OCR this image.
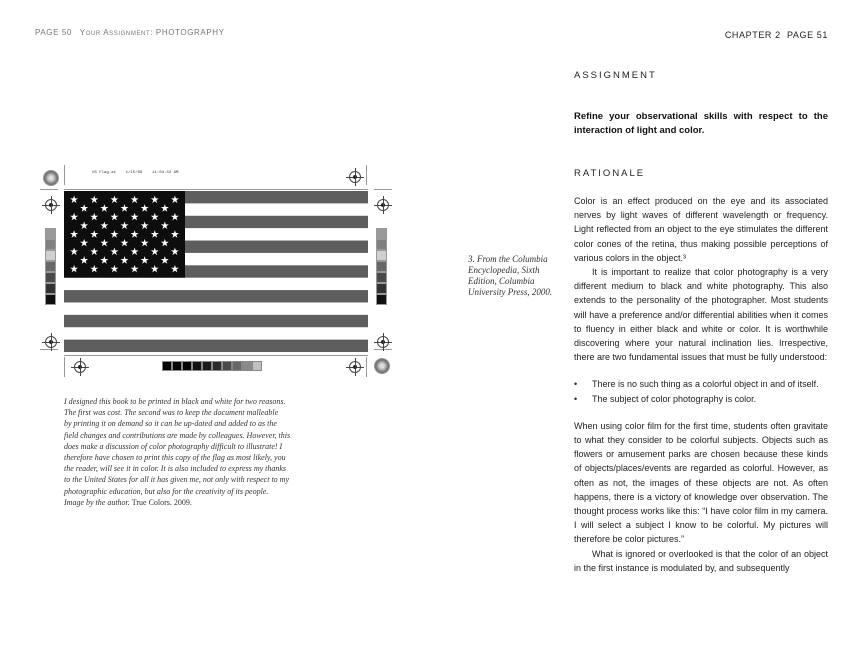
PAGE 50 Your Assignment: PHOTOGRAPHY	CHAPTER 2 PAGE 51
US Flag.ai    1/15/09    11:04:32 AM
3. From the Columbia Encyclopedia, Sixth Edition, Columbia University Press, 2000.
I designed this book to be printed in black and white for two reasons.
The first was cost. The second was to keep the document malleable
by printing it on demand so it can be up-dated and added to as the
field changes and contributions are made by colleagues. However, this
does make a discussion of color photography difficult to illustrate! I
therefore have chosen to print this copy of the flag as most likely, you
the reader, will see it in color. It is also included to express my thanks
to the United States for all it has given me, not only with respect to my
photographic education, but also for the creativity of its people.
Image by the author. True Colors. 2009.
ASSIGNMENT
Refine your observational skills with respect to the interaction of light and color.
RATIONALE

Color is an effect produced on the eye and its associated nerves by light waves of different wavelength or frequency. Light reflected from an object to the eye stimulates the different color cones of the retina, thus making possible perceptions of various colors in the object.³

It is important to realize that color photography is a very different medium to black and white photography. This also extends to the personality of the photographer. Most students will have a preference and/or differential abilities when it comes to fluency in either black and white or color. It is worthwhile discovering where your natural inclination lies. Irrespective, there are two fundamental issues that must be fully understood:

• There is no such thing as a colorful object in and of itself.
• The subject of color photography is color.

When using color film for the first time, students often gravitate to what they consider to be colorful subjects. Objects such as flowers or amusement parks are chosen because these kinds of objects/places/events are regarded as colorful. However, as often as not, the images of these objects are not. As often happens, there is a victory of knowledge over observation. The thought process works like this: “I have color film in my camera. I will select a subject I know to be colorful. My pictures will therefore be color pictures.”

What is ignored or overlooked is that the color of an object in the first instance is modulated by, and subsequently
